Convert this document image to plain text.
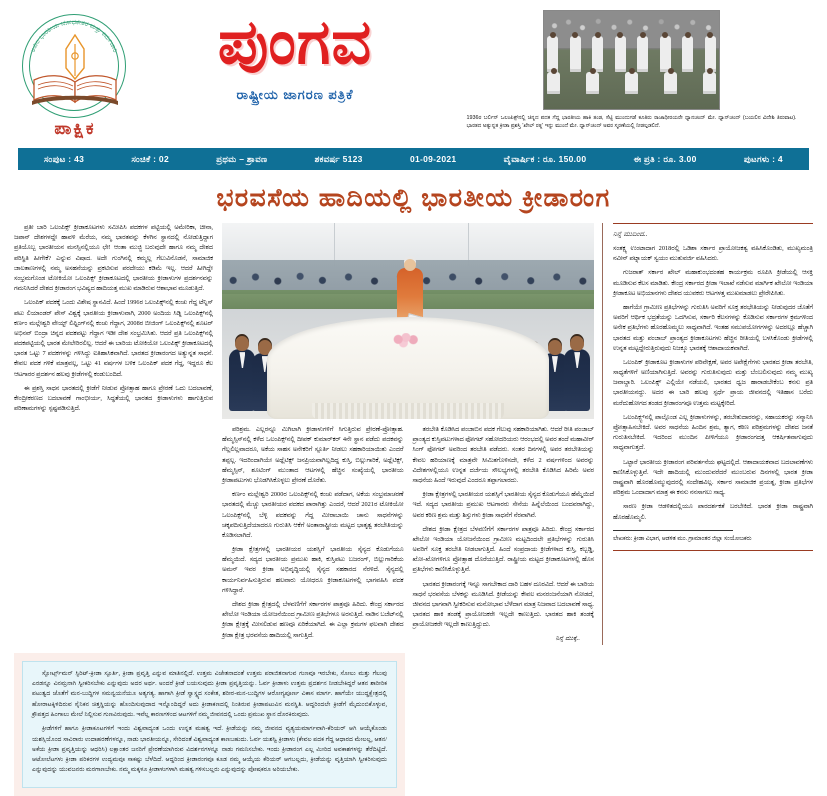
ಅಖಿಲ ಭಾರತೀಯ ಬೋಧಕೇತರ ಮತ್ತು ಕರ್ಮಚಾರಿ
ಪಾಕ್ಷಿಕ
ಪುಂಗವ
ರಾಷ್ಟ್ರೀಯ ಜಾಗರಣ ಪತ್ರಿಕೆ
1936ರ ಬರ್ಲಿನ್ ಒಲಂಪಿಕ್ಸ್‌ನಲ್ಲಿ ಚಿನ್ನದ ಪದಕ ಗೆದ್ದ ಭಾರತೀಯ ಹಾಕಿ ತಂಡ, ಸೆಟ್ಟಿ ಮುಂದುಗಡೆ ಕೂತಿರು ರಾಜಾಧೀರಯರೇ ಧ್ಯಾನಚಂದ್ ಮೇ. ಧ್ಯಾನ್‌ಚಂದ್ (ಬಯಲಿನ ವಿದೇಶಿ ತಿರುವಾಟ). ಭಾರತದ ಅತ್ಯುನ್ನತ ಕ್ರೀಡಾ ಪ್ರಶಸ್ತಿ 'ಖೇಲ್ ರತ್ನ' ಇನ್ನು ಮುಂದೆ ಮೇ. ಧ್ಯಾನ್‌ಚಂದ್ ಅವರ ಸ್ಮರಣೆಯಲ್ಲಿ ನೀಡಲ್ಪಡಲಿದೆ.
ಸಂಪುಟ : 43	ಸಂಚಿಕೆ : 02	ಪ್ರಥಮ – ಶ್ರಾವಣ	ಶಕವರ್ಷ 5123	01-09-2021	ವೈವಾರ್ಷಿಕ : ರೂ. 150.00	ಈ ಪ್ರತಿ : ರೂ. 3.00	ಪುಟಗಳು : 4
ಭರವಸೆಯ ಹಾದಿಯಲ್ಲಿ ಭಾರತೀಯ ಕ್ರೀಡಾರಂಗ

ಪ್ರತೀ ಬಾರಿ ಒಲಂಪಿಕ್ಸ್ ಕ್ರೀಡಾಕೂಟಗಳು ಸಮೀಪಿಸಿ ಪದಕಗಳ ಪಟ್ಟಿಯಲ್ಲಿ ಅಮೇರಿಕಾ, ಚೀನಾ, ಜಪಾನ್ ದೇಶಗಳದ್ದೇ ಹಾವಳಿ ಮೆರೆಯ, ನಮ್ಮ ಭಾರತವನ್ನು ಕೆಳಗಿನ ಸ್ಥಾನದಲ್ಲಿ ನೋಡುತ್ತಿದ್ದಾಗ ಪ್ರತಿಯೊಬ್ಬ ಭಾರತೀಯನ ಮನಸ್ಸಿನಲ್ಲಿಯೂ ಛೇ! ಆಂತಾ ಮುಜ್ಜಿ ಬರುವುದೇ ಹಾಗೂ ನಮ್ಮ ದೇಶದ ಪರಿಸ್ಥಿತಿ ಹೀಗೇಕೆ? ಎನ್ನುವ ವಿಷಾದ. ಅದೇ ಗುಂಗಿನಲ್ಲಿ ಕಮ್ಮಲ್ಲ ಗೆಲುವಿನೊಡನೆ, ಸಾಮಾಜಿಕ ಜಾಲತಾಣಗಳಲ್ಲಿ ನಮ್ಮ ಅಸಹನೆಯನ್ನು ಪ್ರಕಟಿಸುವ ಪರದೇಯು ಕಡಿಮೆ ಇಲ್ಲ. ಆದರೆ ಹೀಗಿದ್ದೇ ಸಂಭ್ರಮಗೊಂಡ ಟೋಕಿಯೋ ಒಲಂಪಿಕ್ಸ್ ಕ್ರೀಡಾಕೂಟದಲ್ಲಿ ಭಾರತೀಯ ಕ್ರೀಡಾಳುಗಳ ಪ್ರದರ್ಶನವನ್ನು ಗಮನಿಸಿದರೆ ದೇಶದ ಕ್ರೀಡಾರಂಗ ಭವಿಷ್ಯದ ಹಾದಿಯತ್ತ ಮುಖ ಮಾಡಿರುವ ಆಶಾಭಾವ ಮೂಡುತ್ತಿದೆ.

ಒಲಂಪಿಕ್ ಪದಕಕ್ಕೆ ಒಂದು ವಿಶೇಷ ಸ್ಥಾನವಿದೆ. ಹಿಂದೆ 1996ರ ಒಲಂಪಿಕ್ಸ್‌ನಲ್ಲಿ ಕಂಚು ಗೆದ್ದ ಟೆನ್ನಿಸ್ ಪಟು ಲಿಯಾಂಡರ್ ಪೇಸ್ ವಿಶ್ವಕ್ಕೆ ಭಾರತೀಯ ಕ್ರೀಡಾಳುವಾಗಿ, 2000 ಅಂದಿಯ ಸಿಡ್ನಿ ಒಲಂಪಿಕ್ಸ್‌ನಲ್ಲಿ ಕರ್ಣಂ ಮಲ್ಲೇಶ್ವರಿ ವೇಯ್ಟ್ ಲಿಫ್ಟಿಂಗ್‌ನಲ್ಲಿ ಕಂಚು ಗೆದ್ದಾಗ, 2008ರ ಬೀಜಿಂಗ್ ಒಲಂಪಿಕ್ಸ್‌ನಲ್ಲಿ ಶೂಟರ್ ಅಭಿನವ್ ಬಿಂದ್ರಾ ಚಿನ್ನದ ಪದಕಪಟ್ಟು ಗೆದ್ದಾಗ ಇಡೀ ದೇಶ ಸಂಭ್ರಮಿಸಿತು. ಆದರೆ ಪ್ರತಿ ಒಲಂಪಿಕ್ಸ್‌ನಲ್ಲಿ ಪದಕಪಟ್ಟಿಯಲ್ಲಿ ಭಾರತ ಮೇಲೇರಿರಲಿಲ್ಲ. ಆದರೆ ಈ ಬಾರಿಯ ಟೋಕಿಯೋ ಒಲಂಪಿಕ್ಸ್ ಕ್ರೀಡಾಕೂಟದಲ್ಲಿ ಭಾರತ ಒಟ್ಟು 7 ಪದಕಗಳನ್ನು ಗಳಿಸಿದ್ದು ಐತಿಹಾಸಿಕವಾಗಿದೆ. ಭಾರತದ ಕ್ರೀಡಾರಂಗದ ಅತ್ಯುನ್ನತ ಸಾಧನೆ. ಕೇವಲ ಪದಕ ಗಳಿಕೆ ಮಾತ್ರವಲ್ಲ, ಒಟ್ಟು 41 ವರ್ಷಗಳ ಬಳಿಕ ಒಲಂಪಿಕ್ ಪದಕ ಗೆದ್ದ, ಇದ್ದರೂ ಕೆಲ ಆಟಗಾರರ ಪ್ರದರ್ಶನ ಹಲವು ಕ್ರೀಡೆಗಳಲ್ಲಿ ಕಂಡುಬಂದಿದೆ.

ಈ ಪ್ರಶಸ್ತಿ ಸಾಧನ ಭಾರತದಲ್ಲಿ ಕ್ರೀಡೆಗೆ ನೀಡುವ ಪ್ರೋತ್ಸಾಹ ಹಾಗೂ ಪ್ರೇರಣೆ ಒದು ಬದಲಾವಣೆ, ಕೇಂದ್ರೀಕರಣದ ಬದಲಾವಣೆ ಗಾಂಭೀರ್ಯ, ಸಿದ್ಧತೆಯಲ್ಲಿ ಭಾರತದ ಕ್ರೀಡಾಳುಗಳು ಹಾಗುತ್ತಿರುವ ಪರಿಣಾಮಗಳನ್ನು ಸ್ಪಷ್ಟಪಡಿಸುತ್ತಿದೆ.

ಪರಿಶ್ರಮ. ಎಲ್ಲರನ್ನೂ ಮಿಗಿಲಾಗಿ ಕ್ರೀಡಾಳುಗಳಿಗೆ ಸಿಗುತ್ತಿರುವ ಪ್ರೇರಣೆ-ಪ್ರೋತ್ಸಾಹ. ಹೆಮ್ಮಸ್ಸಿಸ್‌ನಲ್ಲಿ ಕಳೆದ ಒಲಂಪಿಕ್ಸ್‌ನಲ್ಲಿ ದೀಪಕ್ ಕುಮಾರ್‌ಕರ್ 4ನೇ ಸ್ಥಾನ ಪಡೆದು ಪದಕವನ್ನು ಗೆಲ್ಲಲಿಲ್ಲವಾದರೂ, ಅಕೆಯ ಸಾಹಸ ಅನೇಕರಿಗೆ ಸ್ಪೂರ್ತಿ ನೀಡಲು ಸಹಕಾರಿಯಾಯಿತು ಎಂದರೆ ತಪ್ಪಲ್ಲ. ಇದರಿಂದಾಗಿಯೇ ಅಥ್ಲೆಟಿಕ್ಸ್ ಜನಪ್ರಿಯವಾಗಿಲ್ಲದಿದ್ದ ಕುಸ್ತಿ, ಬಿಲ್ಲುಗಾರಿಕೆ, ಅಥ್ಲೆಟಿಕ್ಸ್, ಹೆಮ್ಮಸ್ಸಿನ್, ಶೂಟಿಂಗ್ ಮುಂತಾದ ಆಟಗಳಲ್ಲಿ ಹೆಚ್ಚಿನ ಸಂಖ್ಯೆಯಲ್ಲಿ ಭಾರತೀಯ ಕ್ರೀಡಾಪಟುಗಳು ಭೊಡಗಿಸಿಕೊಳ್ಳಲು ಪ್ರೇರಣೆ ದೊರೆತು.

ಕರ್ಣಂ ಮಲ್ಲೇಶ್ವರಿ 2000ರ ಒಲಂಪಿಕ್ಸ್‌ನಲ್ಲಿ ಕಂಚು ಪಡೆದಾಗ, ಅಕೆಯ ಸಂಭ್ರಮಾಚರಣೆ ಭಾರತದಲ್ಲಿ ಮೆಚ್ಚು ಭಾರತೀಯರ ಪದಕದ ಪಾರಾಗಿತ್ತು ಎಂದರೆ, ಆದರೆ 2021ರ ಟೋಕಿಯೋ ಒಲಂಪಿಕ್ಸ್‌ನಲ್ಲಿ ಬೆಳ್ಳಿ ಪದಕವನ್ನು ಗೆದ್ದ ಮೀರಾಬಾಯಿ ಚಾನು ಸಾಧನೆಗಳನ್ನು ಚಕ್ಕಪದಿಸುತ್ತಿದೆಯಾದರೂ ಗುರುತಿಸಿ ಆಕೆಗೆ ಅಂತಾರಾಷ್ಟ್ರೀಯ ಮಟ್ಟದ ಭಾತೃತ್ವ ತರಬೇತಿಯನ್ನು ಕೊಡಿಸಲಾಗಿದೆ.

ಕ್ರೀಡಾ ಕ್ಷೇತ್ರಗಳಲ್ಲಿ ಭಾರತೀಯರ ಯಶಸ್ಸಿಗೆ ಭಾರತೀಯ ಸೈನ್ಯದ ಕೊಡುಗೆಯೂ ಹೆಮ್ಮಯಿದೆ. ಸದ್ಯದ ಭಾರತೀಯ ಪ್ರಮುಖ ಹಾಕಿ, ಕುಸ್ತಿಪಟು ಬಜರಂಗ್, ಬಿಲ್ಲುಗಾರಿಕೆಯ ಅಮನ್ ಇವರ ಕ್ರೀಡಾ ಅಭಿವೃದ್ಧಿಯಲ್ಲಿ ಸೈನ್ಯದ ಸಹಕಾರದ ನೆರಳಿದೆ. ಸೈನ್ಯದಲ್ಲಿ ಕಾರ್ಯನಿರ್ವಹಿಸುತ್ತಿರುವ ಹಲವಾರು ಯೋಧರೂ ಕ್ರೀಡಾಕೂಟಗಳಲ್ಲಿ ಭಾಗವಹಿಸಿ ಪದಕ ಗಳಿಸಿದ್ದಾರೆ.

ದೇಶದ ಕ್ರೀಡಾ ಕ್ಷೇತ್ರದಲ್ಲಿ ಬೆಳವಣಿಗೆಗೆ ಸರ್ಕಾರಗಳ ಪಾತ್ರವೂ ಹಿರಿದು. ಕೇಂದ್ರ ಸರ್ಕಾರದ ಖೇಲೋ ಇಂಡಿಯಾ ಯೋಜನೆಯಿಂದ ಗ್ರಾಮೀಣ ಪ್ರತಿಭೆಗಳೂ ಅರಸುತ್ತಿದೆ. ನಾಡಿನ ಬಜೆಟ್‌ನಲ್ಲಿ ಕ್ರೀಡಾ ಕ್ಷೇತ್ರಕ್ಕೆ ಮೀಸಲಿಡುವ ಹಣವೂ ಏರಿಕೆಯಾಗಿದೆ. ಈ ಎಲ್ಲಾ ಕ್ರಮಗಳ ಫಲವಾಗಿ ದೇಶದ ಕ್ರೀಡಾ ಕ್ಷೇತ್ರ ಭರವಸೆಯ ಹಾದಿಯಲ್ಲಿ ಸಾಗುತ್ತಿದೆ.

ತರಬೇತಿ ಕೊಡಿಸಿದ ಪಂಜಾಬಿನ ಪದಕ ಗೆಲುವು ಸಹಕಾರಿಯಾಗಿತು. ಆದರೆ ರೀತಿ ಪಂಜಾಬ್ ಪ್ರಾಂತ್ಯದ ಕುಸ್ತಿಪಟುಗಳಾದ ಫೋಗಟ್ ಸಹೋದರಿಯರು ಆರಂಭದಲ್ಲಿ ಅವರ ತಂದೆ ಮಹಾವೀರ್ ಸಿಂಗ್ ಫೋಗಟ್ ಅವರಿಂದ ತರಬೇತಿ ಪಡೆದರು. ಸಂತರ ದಿನಗಳಲ್ಲಿ ಅವರ ತರಬೇತಿಯನ್ನು ಕೇವಲ ಹರಿಯಾಣಕ್ಕೆ ಮಾತ್ರವೇ ಸೀಮಿತಗೊಳಿಸದೇ, ಕಳೆದ 2 ವರ್ಷಗಳಿಂದ ಅವರನ್ನು ವಿದೇಶಗಳಲ್ಲಿಯೂ ಉನ್ನತ ದರ್ಜೆಯ ಸೌಲಭ್ಯಗಳಲ್ಲಿ ತರಬೇತಿ ಕೊಡಿಸಿದ ಹಿರಿಮೆ ಅವರ ಸಾಧನೆಯ ಹಿಂದೆ ಇರುವುದೆ ಎಂದರೂ ತಪ್ಪಾಗಲಾರದು.

ಕ್ರೀಡಾ ಕ್ಷೇತ್ರಗಳಲ್ಲಿ ಭಾರತೀಯರ ಯಶಸ್ಸಿಗೆ ಭಾರತೀಯ ಸೈನ್ಯದ ಕೊಡುಗೆಯೂ ಹೆಮ್ಮೆಯಿದೆ ಇದೆ. ಸದ್ಯದ ಭಾರತೀಯ ಪ್ರಮುಖ ಆಟಗಾರರು ಸೇನೆಯ ಹಿನ್ನೆಲೆಯಿಂದ ಬಂದವರಾಗಿದ್ದು, ಅವರ ಕಠಿಣ ಶ್ರಮ ಮತ್ತು ಶಿಸ್ತುಗಳು ಕ್ರೀಡಾ ಸಾಧನೆಗೆ ನೆರವಾಗಿವೆ.

ದೇಶದ ಕ್ರೀಡಾ ಕ್ಷೇತ್ರದ ಬೆಳವಣಿಗೆಗೆ ಸರ್ಕಾರಗಳ ಪಾತ್ರವೂ ಹಿರಿದು. ಕೇಂದ್ರ ಸರ್ಕಾರದ ಖೇಲೋ ಇಂಡಿಯಾ ಯೋಜನೆಯಿಂದ ಗ್ರಾಮೀಣ ಮಟ್ಟದಿಂದಲೇ ಪ್ರತಿಭೆಗಳನ್ನು ಗುರುತಿಸಿ ಅವರಿಗೆ ಸೂಕ್ತ ತರಬೇತಿ ನೀಡಲಾಗುತ್ತಿದೆ. ಹಿಂದೆ ಸಂಪ್ರದಾಯ ಕ್ರೀಡೆಗಳಾದ ಕುಸ್ತಿ, ಕಬ್ಬಡ್ಡಿ, ಖೋ-ಖೋಗಳಿಗೂ ಪ್ರೋತ್ಸಾಹ ದೊರೆಯುತ್ತಿದೆ. ರಾಷ್ಟ್ರೀಯ ಮಟ್ಟದ ಕ್ರೀಡಾಕೂಟಗಳಲ್ಲಿ ಹೊಸ ಪ್ರತಿಭೆಗಳು ಕಾಣಿಸಿಕೊಳ್ಳುತ್ತಿವೆ.

ಭಾರತದ ಕ್ರೀಡಾರಂಗಕ್ಕೆ ಇನ್ನೂ ಸಾಗಬೇಕಾದ ದಾರಿ ಬಹಳ ದೂರವಿದೆ. ಆದರೆ ಈ ಬಾರಿಯ ಸಾಧನೆ ಭರವಸೆಯ ಬೆಳಕನ್ನು ಮೂಡಿಸಿದೆ. ಕ್ರೀಡೆಯನ್ನು ಕೇವಲ ಮನರಂಜನೆಯಾಗಿ ನೋಡದೆ, ಜೀವನದ ಭಾಗವಾಗಿ ಸ್ವೀಕರಿಸುವ ಮನೋಭಾವ ಬೆಳೆದಾಗ ಮಾತ್ರ ನಿಜವಾದ ಬದಲಾವಣೆ ಸಾಧ್ಯ. ಭಾರತದ ಹಾಕಿ ತಂಡಕ್ಕೆ ಪ್ರಾಯೋಜಕರೇ ಇಲ್ಲದೇ ಕಾಣುತ್ತಿದು. ಭಾರತದ ಹಾಕಿ ತಂಡಕ್ಕೆ ಪ್ರಾಯೋಜಕರೇ ಇಲ್ಲದೇ ಕಾಣುತ್ತಿದ್ದುದು.

ನಿನ್ನೆ ಮುಕ್ಕೆ..
ನಿನ್ನೆ ಮುದಿಂದ..

ಸಂತಕ್ಷ್ಯ ಉಂಟಾದಾಗ 2018ರಲ್ಲಿ ಒಡಿಶಾ ಸರ್ಕಾರ ಪ್ರಾಯೋಜಕತ್ವ ವಹಿಸಿಕೊಂಡಿತು, ಮುಖ್ಯಮಂತ್ರಿ ನವೀನ್ ಪಟ್ನಾಯಕ್ ಸ್ವಯಂ ಮುತುವರ್ಜಿ ವಹಿಸಿದರು.

ಗುಜರಾತ್ ಸರ್ಕಾರ ಖೇಲ್ ಮಹಾಕುಂಭದಂತಹ ಕಾರ್ಯಕ್ರಮ ರೂಪಿಸಿ ಕ್ರೀಡೆಯಲ್ಲಿ ಆಸಕ್ತಿ ಮೂಡಿಸುವ ಕೆಲಸ ಮಾಡಿತು. ಕೇಂದ್ರ ಸರ್ಕಾರದ ಕ್ರೀಡಾ ಇಲಾಖೆ ನಡೆಸುವ ಮಾರ್ಗಿಕ ಖೇಲೋ ಇಂಡಿಯಾ ಕ್ರೀಡಾಕೂಟ ಅಭಿಯಾನಗಳು ದೇಶದ ಯುವಕರು ಆಟಗಳತ್ತ ಮುಖಮಾಡಲು ಪ್ರೇರೇಪಿಸಿತು.

ಹಾಗೆಯೇ ಗ್ರಾಮೀಣ ಪ್ರತಿಭೆಗಳನ್ನು ಗುರುತಿಸಿ ಅವರಿಗೆ ಸೂಕ್ತ ತರಭೇತಿಯನ್ನು ನೀಡುವುದರ ಜೊತೆಗೆ ಅವರಿಗೆ ಆರ್ಥಿಕ ಭದ್ರತೆಯನ್ನು ಒದಗಿಸುವ, ಸರ್ಕಾರಿ ಕೆಲಸಗಳನ್ನು ಕೊಡಿಸುವ ಸರ್ಕಾರಗಳ ಕ್ರಮಗಳಿಂದ ಅನೇಕ ಪ್ರತಿಭೆಗಳು ಹೊರಹೊಮ್ಮಲು ಸಾಧ್ಯವಾಗಿದೆ. ಇಂತಹ ಸಮುಪಯೋಗಗಳನ್ನು ಅದರಲ್ಲೂ ಹೆಚ್ಚಾಗಿ ಭಾರತದ ಮತ್ತು ಪಂಜಾಬ್ ಪ್ರಾಂತ್ಯದ ಕ್ರೀಡಾಕೂಟಗಳು ಹೆಚ್ಚಿನ ರೀತಿಯಲ್ಲಿ ಬಳಸಿಕೊಂಡು ಕ್ರೀಡೆಗಳಲ್ಲಿ ಉನ್ನತ ಮಟ್ಟದ್ದೇರುತ್ತಿರುವುದು ನಿಜಕ್ಕೂ ಭಾರತಕ್ಕೆ ಆಶಾದಾಯಕವಾಗಿದೆ.

ಒಲಂಪಿಕ್ ಕ್ರೀಡಾಕೂಟ ಕ್ರೀಡಾಳುಗಳ ಪರಿವೇಕ್ಷಣೆ, ಅವರ ಅಪೇಕ್ಷೆಗೆಗಳು ಭಾರತದ ಕ್ರೀಡಾ ತರಬೇತಿ, ಸಾಧ್ಯತೆಗಳಿಗೆ ಅಣಿಯಾಗಿಸುತ್ತಿದೆ. ಅವರನ್ನು ಗುರುತಿಸುವುದು ಮತ್ತು ಬೆಂಬಲಿಸುವುದು ನಮ್ಮ ಮುಖ್ಯ ಜವಾಬ್ದಾರಿ. ಒಲಂಪಿಕ್ಸ್ ಎಲ್ಲಿಯೇ ನಡೆಯಲಿ, ಭಾರತದ ಧ್ವಜ ಹಾರಾಡಬೇಕೆಂಬ ಕನಸು ಪ್ರತಿ ಭಾರತೀಯನದ್ದು. ಅದರ ಈ ಬಾರಿ ಹಲವು ಸ್ಪರ್ಧೆ ಪ್ರಾಯ ಜೀವನದಲ್ಲಿ ಇತಿಹಾಸ ಬರೆದು ಮರೆದುಹೋಗದ ತಂಡದ ಕ್ರೀಡಾರಂಗವೂ ಉತ್ತಮ ಮಟ್ಟಕ್ಕೇರಿದೆ.

ಒಲಂಪಿಕ್ಸ್ಟ್‌ನಲ್ಲಿ ಪಾಲ್ಗೊಂಡ ಎಲ್ಲ ಕ್ರೀಡಾಳುಗಳನ್ನು, ತರಬೇತುದಾರರನ್ನು, ಸಹಾಯಕರನ್ನು ಸನ್ಮಾನಿಸಿ ಪ್ರೋತ್ಸಾಹಿಸಬೇಕಿದೆ. ಅವರ ಸಾಧನೆಯ ಹಿಂದಿನ ಶ್ರಮ, ತ್ಯಾಗ, ಕಠಿಣ ಪರಿಶ್ರಮಗಳನ್ನು ದೇಶದ ಜನತೆ ಗುರುತಿಸಬೇಕಿದೆ. ಇದರಿಂದ ಮುಂದಿನ ಪೀಳಿಗೆಯೂ ಕ್ರೀಡಾರಂಗದತ್ತ ಆಕರ್ಷಿತವಾಗುವುದು ಸಾಧ್ಯವಾಗುತ್ತದೆ.

ಒಟ್ಟಾರೆ ಭಾರತೀಯ ಕ್ರೀಡಾರಂಗ ಪರಿವರ್ತನೆಯ ಘಟ್ಟದಲ್ಲಿದೆ. ಆಶಾದಾಯಕವಾದ ಬದಲಾವಣೆಗಳು ಕಾಣಿಸಿಕೊಳ್ಳುತ್ತಿವೆ. ಇದೇ ಹಾದಿಯಲ್ಲಿ ಮುಂದುವರೆದರೆ ಮುಂಬರುವ ದಿನಗಳಲ್ಲಿ ಭಾರತ ಕ್ರೀಡಾ ರಾಷ್ಟ್ರವಾಗಿ ಹೊರಹೊಮ್ಮುವುದರಲ್ಲಿ ಸಂದೇಹವಿಲ್ಲ. ಸರ್ಕಾರ ಸಾಮಾಜಿಕ ಪ್ರಯತ್ನ, ಕ್ರೀಡಾ ಪ್ರತಿಭೆಗಳ ಪರಿಶ್ರಮ ಒಂದಾದಾಗ ಮಾತ್ರ ಈ ಕನಸು ನನಸಾಗಲು ಸಾಧ್ಯ.

ಸಾರಣ ಕ್ರೀಡಾ ಆಡಳಿತದಲ್ಲಿಯೂ ಪಾರದರ್ಶಕತೆ ಬರಬೇಕಿದೆ. ಭಾರತ ಕ್ರೀಡಾ ರಾಷ್ಟ್ರವಾಗಿ ಹೊರಹೊಮ್ಮಲಿ.

ಲೇಖಕರು: ಕ್ರೀಡಾ ವಿಭಾಗ, ಆಡಳಿತ ಮಂ. ಗ್ರಾಮಾಂತರ ಜಿಲ್ಲಾ ಸಂಯೋಜಕರು

ಸ್ಪೋರ್ಟ್ಸ್‌ಮನ್ ಸ್ಪಿರಿಟ್-ಕ್ರೀಡಾ ಸ್ಪೂರ್ತಿ, ಕ್ರೀಡಾ ಪ್ರವೃತ್ತಿ ಎನ್ನುವ ಮಾತಿನಲ್ಲಿದೆ. ಉತ್ತಮ ವಿಜೇತನಾದಂತೆ ಉತ್ತಮ ಪರಾಜಿತನಾಗುವ ಗುಣವೂ ಇರಬೇಕು, ಸೋಲು ಮತ್ತು ಗೆಲುವು ಎರಡನ್ನೂ ವಿನಮ್ರನಾಗಿ ಸ್ವೀಕರಿಸಬೇಕು ಎನ್ನುವುದು ಅದರ ಅರ್ಥ. ಅಂದರೆ ಕ್ರೀಡೆ ಬಯಸುವುದು ಕ್ರೀಡಾ ಪ್ರವೃತ್ತಿಯನ್ನು. ಓರ್ವ ಕ್ರೀಡಾಳು ಉತ್ತಮ ಪ್ರದರ್ಶನ ನೀಡಬೇಕಿದ್ದರೆ ಆತನ ಶಾರೀರಿಕ ಪಟುತ್ವದ ಜೊತೆಗೆ ಮನ-ಬುದ್ಧಿಗಳ ಸಮನ್ವಯನೆಯೂ ಅತ್ಯಗತ್ಯ. ಹಾಗಾಗಿ ಕ್ರೀಡೆ ಸ್ವಾಸ್ಥ್ಯದ ಸಂಕೇತ, ಶರೀರ-ಮನ-ಬುದ್ಧಿಗಳ ಆರೋಗ್ಯಪೂರ್ಣ ವಿಕಾಸ ಮಾರ್ಗ. ಹಾಗೆಯೇ ಯುದ್ಧಕ್ಷೇತ್ರದಲ್ಲಿ ಹೋರಾಟಕ್ಕಿಳಿದಿರುವ ಸೈನಿಕನ ಚಿತ್ತಸ್ಥಿಯನ್ನು ಹೊಂದಿಸುವುದಾದ ಇನ್ನೊಂದಿದ್ದರೆ ಅದು ಕ್ರೀಡಾಕಣದಲ್ಲಿ ನಿಂತಿರುವ ಕ್ರೀಡಾಪಟುವಿನ ಮನಸ್ಥಿತಿ. ಆದ್ದರಿಂದಲೇ ಕ್ರೀಡೆಗೆ ಮೈದುಂಬಿಕೊಳ್ಳುವ, ಕ್ರೌಪತ್ತದ ಹಿಂಗಾಲು ಮೇಲೆ ನಿಲ್ಲಿಸುವ ಗುಣವಿರುವುದು. ಇವೆಲ್ಲ ಕಾರಣಗಳಿಂದ ಆಟಗಳಿಗೆ ನಮ್ಮ ಜೀವನದಲ್ಲಿ ಒಂದು ಪ್ರಮುಖ ಸ್ಥಾನ ದೊರಕಿರುವುದು.

ಕ್ರೀಡೆಗಳಿಗೆ ಹಾಗೂ ಕ್ರೀಡಾಕೂಟಗಳಿಗೆ ಇಂದು ವಿಶ್ವವಾದ್ಯಂತ ಒಂದು ಉನ್ನತ ಮಹತ್ವ ಇದೆ. ಕ್ರೀಡೆಯನ್ನು ನಮ್ಮ ಜೀವನದ ವ್ಯತ್ಯಯಮಾರ್ಗವಾಗಿ-ಕೆರಿಯರ್ ಆಗಿ ಆಯ್ಕೆಕೊಂಡು ಯಶಸ್ಸಿಯೊಂದ ಸಾವಿರಾರು ಉದಾಹರಣೆಗಳನ್ನೂ, ನಾಡು ಭಾರತೀಯನ್ನೂ, ಸೇರಿದಂತೆ ವಿಶ್ವವಾದ್ಯಂತ ಕಾಣಬಹುದು. ಓರ್ವ ಯಶಸ್ವಿ ಕ್ರೀಡಾಳು (ಕೇವಲ ಪದಕ ಗೆದ್ದ ಆಧಾರದ ಮೇಲಲ್ಲ, ಆತನ/ಅಕೆಯ ಕ್ರೀಡಾ ಪ್ರವೃತ್ತಿಯನ್ನು ಆಧರಿಸಿ) ಲಕ್ಷಾಂತರ ಜನರಿಗೆ ಪ್ರೇರಣೆಯಾಗಿರುವ ವಿದರ್ಶನಗಳನ್ನೂ ನಾಡು ಗಮನಿಸಬೇಕು. ಇಂದು ಕ್ರೀಡಾರಂಗ ಎಲ್ಲ ಮೀರಿದ ಅವಕಾಶಗಳನ್ನು ತೆರೆದಿಟ್ಟಿದೆ. ಆಟೋಲೆಟಗಳು ಕ್ರೀಡಾ ಪರಿಕರಗಳ ಉದ್ಯಮವೂ ಸಾಕಷ್ಟು ಬೆಳೆದಿದೆ. ಆದ್ದರಿಂದ ಕ್ರೀಡಾರಂಗವೂ ಕೂಡ ನಮ್ಮ ಆಯ್ಕೆಯ ಕೆರಿಯರ್ ಆಗಬಲ್ಲದು, ಕ್ರೀಡೆಯನ್ನು ವೃತ್ತಿಯಾಗಿ ಸ್ವೀಕರಿಸುವುದು ಎನ್ನುವುದನ್ನು ಯುವಜನರು ಮರಗಾಣಬೇಕು. ನಮ್ಮ ಮಕ್ಕಳೂ ಕ್ರೀಡಾಳುಗಳಾಗಿ ಮಹತ್ವ ಗಳಿಸಬಲ್ಲರು ಎನ್ನುವುದನ್ನು ಪೋಷಕರೂ ಅರಿಯಬೇಕು.
